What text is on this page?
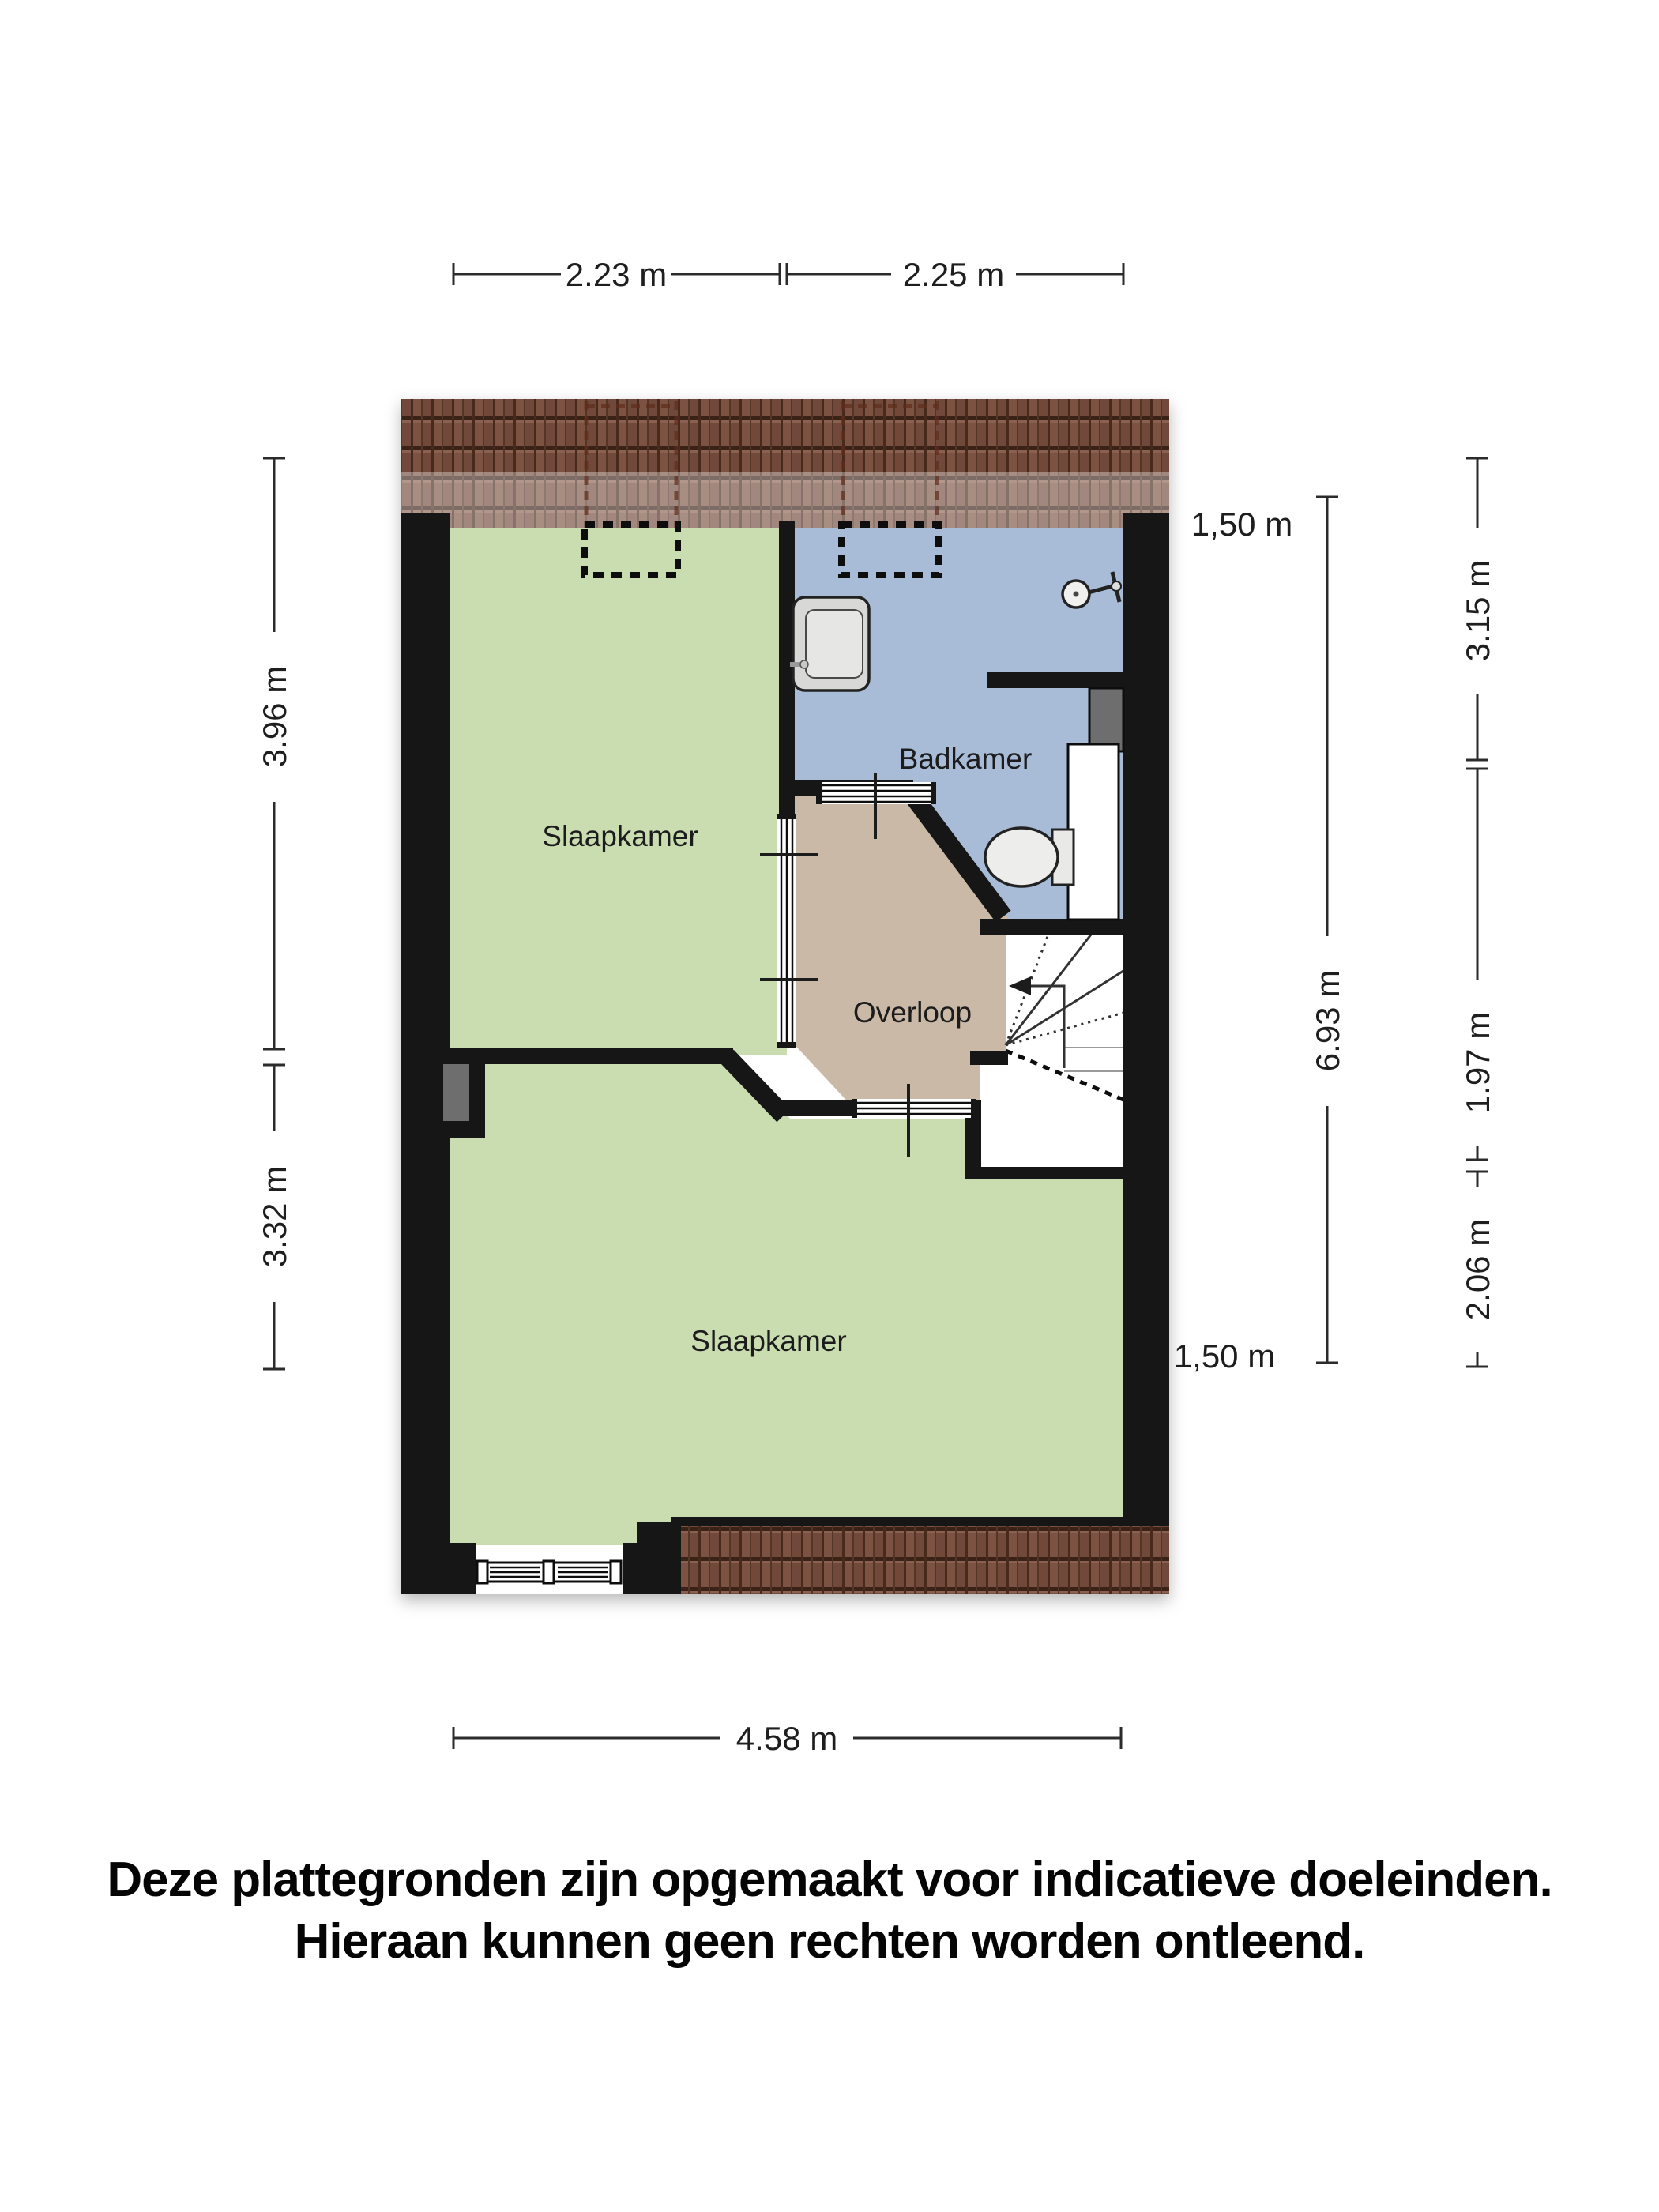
Slaapkamer
Badkamer
Overloop
Slaapkamer
2.23 m	2.25 m
3.96 m
3.32 m
6.93 m
1,50 m
1,50 m
3.15 m
1.97 m
2.06 m
4.58 m
Deze plattegronden zijn opgemaakt voor indicatieve doeleinden.
Hieraan kunnen geen rechten worden ontleend.
